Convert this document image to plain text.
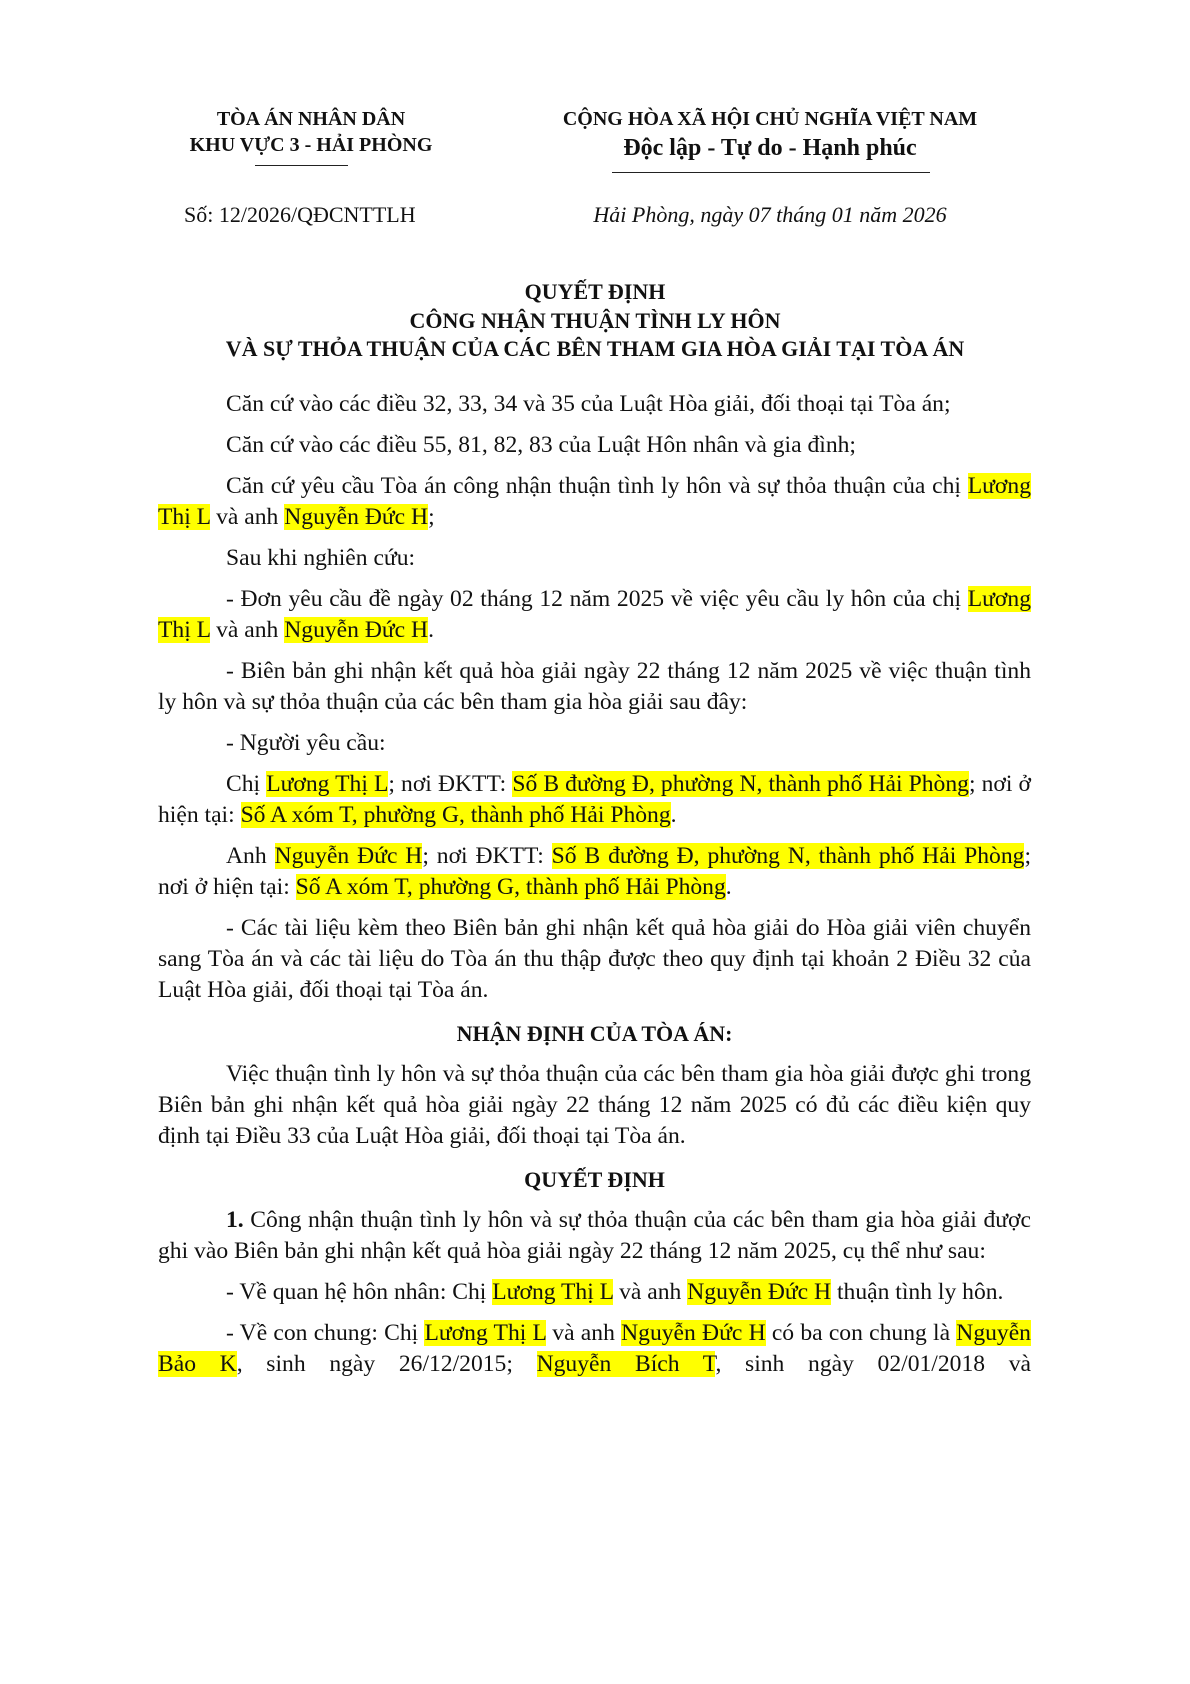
TÒA ÁN NHÂN DÂN
KHU VỰC 3 - HẢI PHÒNG
CỘNG HÒA XÃ HỘI CHỦ NGHĨA VIỆT NAM
Độc lập - Tự do - Hạnh phúc
Số: 12/2026/QĐCNTTLH	Hải Phòng, ngày 07 tháng 01 năm 2026
QUYẾT ĐỊNH
CÔNG NHẬN THUẬN TÌNH LY HÔN
VÀ SỰ THỎA THUẬN CỦA CÁC BÊN THAM GIA HÒA GIẢI TẠI TÒA ÁN

Căn cứ vào các điều 32, 33, 34 và 35 của Luật Hòa giải, đối thoại tại Tòa án;

Căn cứ vào các điều 55, 81, 82, 83 của Luật Hôn nhân và gia đình;

Căn cứ yêu cầu Tòa án công nhận thuận tình ly hôn và sự thỏa thuận của chị Lương Thị L và anh Nguyễn Đức H;

Sau khi nghiên cứu:

- Đơn yêu cầu đề ngày 02 tháng 12 năm 2025 về việc yêu cầu ly hôn của chị Lương Thị L và anh Nguyễn Đức H.

- Biên bản ghi nhận kết quả hòa giải ngày 22 tháng 12 năm 2025 về việc thuận tình ly hôn và sự thỏa thuận của các bên tham gia hòa giải sau đây:

- Người yêu cầu:

Chị Lương Thị L; nơi ĐKTT: Số B đường Đ, phường N, thành phố Hải Phòng; nơi ở hiện tại: Số A xóm T, phường G, thành phố Hải Phòng.

Anh Nguyễn Đức H; nơi ĐKTT: Số B đường Đ, phường N, thành phố Hải Phòng; nơi ở hiện tại: Số A xóm T, phường G, thành phố Hải Phòng.

- Các tài liệu kèm theo Biên bản ghi nhận kết quả hòa giải do Hòa giải viên chuyển sang Tòa án và các tài liệu do Tòa án thu thập được theo quy định tại khoản 2 Điều 32 của Luật Hòa giải, đối thoại tại Tòa án.

NHẬN ĐỊNH CỦA TÒA ÁN:

Việc thuận tình ly hôn và sự thỏa thuận của các bên tham gia hòa giải được ghi trong Biên bản ghi nhận kết quả hòa giải ngày 22 tháng 12 năm 2025 có đủ các điều kiện quy định tại Điều 33 của Luật Hòa giải, đối thoại tại Tòa án.

QUYẾT ĐỊNH

1. Công nhận thuận tình ly hôn và sự thỏa thuận của các bên tham gia hòa giải được ghi vào Biên bản ghi nhận kết quả hòa giải ngày 22 tháng 12 năm 2025, cụ thể như sau:

- Về quan hệ hôn nhân: Chị Lương Thị L và anh Nguyễn Đức H thuận tình ly hôn.

- Về con chung: Chị Lương Thị L và anh Nguyễn Đức H có ba con chung là Nguyễn Bảo K, sinh ngày 26/12/2015; Nguyễn Bích T, sinh ngày 02/01/2018 và
